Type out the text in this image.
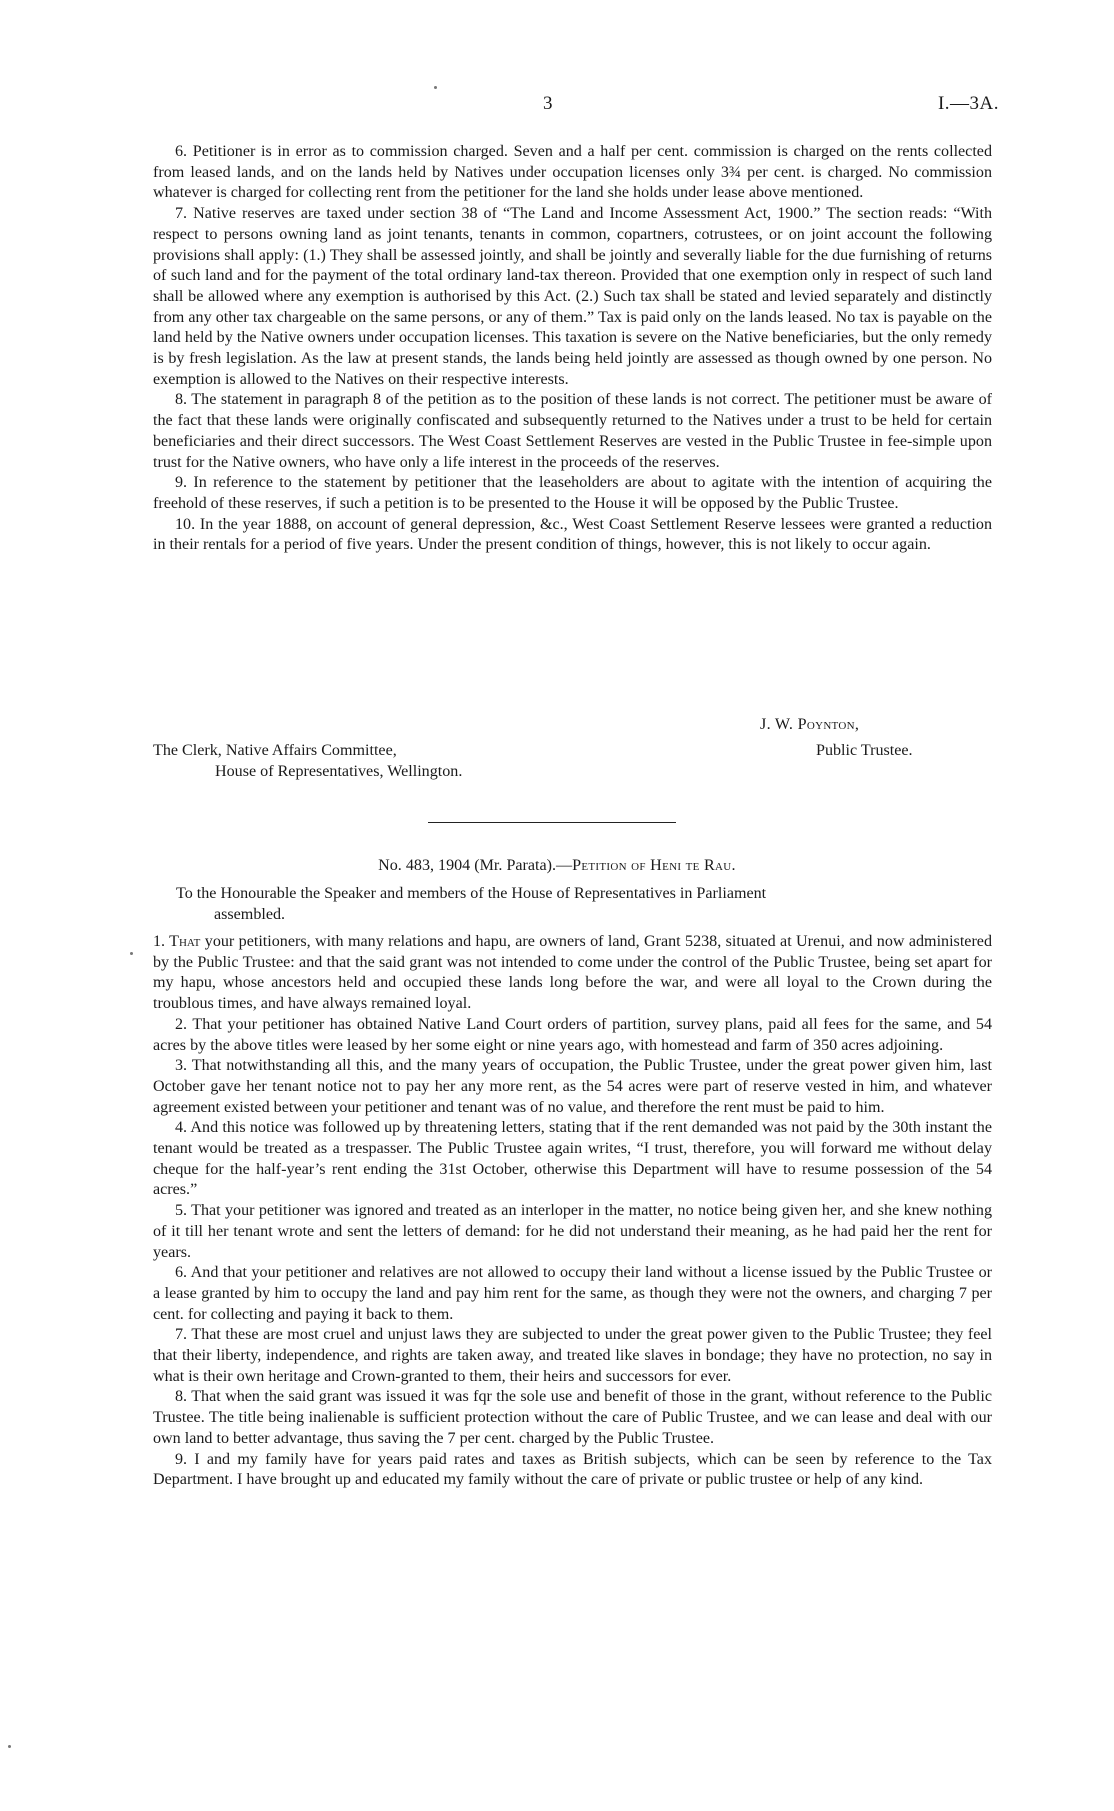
3	I.—3A.

6. Petitioner is in error as to commission charged. Seven and a half per cent. commission is charged on the rents collected from leased lands, and on the lands held by Natives under occupation licenses only 3¾ per cent. is charged. No commission whatever is charged for collecting rent from the petitioner for the land she holds under lease above mentioned.

7. Native reserves are taxed under section 38 of “The Land and Income Assessment Act, 1900.” The section reads: “With respect to persons owning land as joint tenants, tenants in common, copartners, cotrustees, or on joint account the following provisions shall apply: (1.) They shall be assessed jointly, and shall be jointly and severally liable for the due furnishing of returns of such land and for the payment of the total ordinary land-tax thereon. Provided that one exemption only in respect of such land shall be allowed where any exemption is authorised by this Act. (2.) Such tax shall be stated and levied separately and distinctly from any other tax chargeable on the same persons, or any of them.” Tax is paid only on the lands leased. No tax is payable on the land held by the Native owners under occupation licenses. This taxation is severe on the Native beneficiaries, but the only remedy is by fresh legislation. As the law at present stands, the lands being held jointly are assessed as though owned by one person. No exemption is allowed to the Natives on their respective interests.

8. The statement in paragraph 8 of the petition as to the position of these lands is not correct. The petitioner must be aware of the fact that these lands were originally confiscated and subsequently returned to the Natives under a trust to be held for certain beneficiaries and their direct successors. The West Coast Settlement Reserves are vested in the Public Trustee in fee-simple upon trust for the Native owners, who have only a life interest in the proceeds of the reserves.

9. In reference to the statement by petitioner that the leaseholders are about to agitate with the intention of acquiring the freehold of these reserves, if such a petition is to be presented to the House it will be opposed by the Public Trustee.

10. In the year 1888, on account of general depression, &c., West Coast Settlement Reserve lessees were granted a reduction in their rentals for a period of five years. Under the present condition of things, however, this is not likely to occur again.

J. W. Poynton,
Public Trustee.
The Clerk, Native Affairs Committee,
House of Representatives, Wellington.
No. 483, 1904 (Mr. Parata).—Petition of Heni te Rau.
To the Honourable the Speaker and members of the House of Representatives in Parliament
assembled.

1. That your petitioners, with many relations and hapu, are owners of land, Grant 5238, situated at Urenui, and now administered by the Public Trustee: and that the said grant was not intended to come under the control of the Public Trustee, being set apart for my hapu, whose ancestors held and occupied these lands long before the war, and were all loyal to the Crown during the troublous times, and have always remained loyal.

2. That your petitioner has obtained Native Land Court orders of partition, survey plans, paid all fees for the same, and 54 acres by the above titles were leased by her some eight or nine years ago, with homestead and farm of 350 acres adjoining.

3. That notwithstanding all this, and the many years of occupation, the Public Trustee, under the great power given him, last October gave her tenant notice not to pay her any more rent, as the 54 acres were part of reserve vested in him, and whatever agreement existed between your petitioner and tenant was of no value, and therefore the rent must be paid to him.

4. And this notice was followed up by threatening letters, stating that if the rent demanded was not paid by the 30th instant the tenant would be treated as a trespasser. The Public Trustee again writes, “I trust, therefore, you will forward me without delay cheque for the half-year’s rent ending the 31st October, otherwise this Department will have to resume possession of the 54 acres.”

5. That your petitioner was ignored and treated as an interloper in the matter, no notice being given her, and she knew nothing of it till her tenant wrote and sent the letters of demand: for he did not understand their meaning, as he had paid her the rent for years.

6. And that your petitioner and relatives are not allowed to occupy their land without a license issued by the Public Trustee or a lease granted by him to occupy the land and pay him rent for the same, as though they were not the owners, and charging 7 per cent. for collecting and paying it back to them.

7. That these are most cruel and unjust laws they are subjected to under the great power given to the Public Trustee; they feel that their liberty, independence, and rights are taken away, and treated like slaves in bondage; they have no protection, no say in what is their own heritage and Crown-granted to them, their heirs and successors for ever.

8. That when the said grant was issued it was fqr the sole use and benefit of those in the grant, without reference to the Public Trustee. The title being inalienable is sufficient protection without the care of Public Trustee, and we can lease and deal with our own land to better advantage, thus saving the 7 per cent. charged by the Public Trustee.

9. I and my family have for years paid rates and taxes as British subjects, which can be seen by reference to the Tax Department. I have brought up and educated my family without the care of private or public trustee or help of any kind.
